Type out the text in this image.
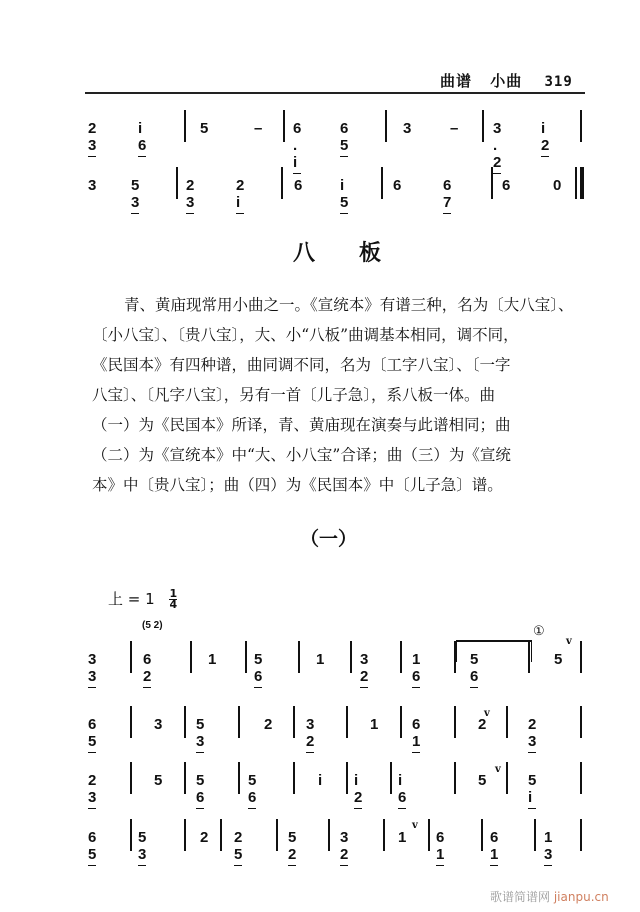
曲谱 小曲 319
2 3
i 6
5	– 6 . i
6 5
3	– 3 . 2
i 2
3 5 3
2 3
2 i
6	i 5
6	6 7
6	0
八板

青、黄庙现常用小曲之一。《宣统本》有谱三种，名为〔大八宝〕、

〔小八宝〕、〔贵八宝〕，大、小“八板”曲调基本相同，调不同，

《民国本》有四种谱，曲同调不同，名为〔工字八宝〕、〔一字

八宝〕、〔凡字八宝〕，另有一首〔儿子急〕，系八板一体。曲

（一）为《民国本》所译，青、黄庙现在演奏与此谱相同；曲

（二）为《宣统本》中“大、小八宝”合译；曲（三）为《宣统

本》中〔贵八宝〕；曲（四）为《民国本》中〔儿子急〕谱。

（一）
上 = $1 \frac{1}{4}$
(5 2)	①
v
3 3
6 2
1	5 6
1 3 2
1 6
5 6
5
v
6 5
3 5 3
2 3 2
1 6 1
2	2 3
v
2 3
5 5 6
5 6
i i 2
i 6
5	5 i
v
6 5
5 3
2 2 5
5 2
3 2
1 6 1
6 1
1 3
歌谱简谱网 jianpu.cn
